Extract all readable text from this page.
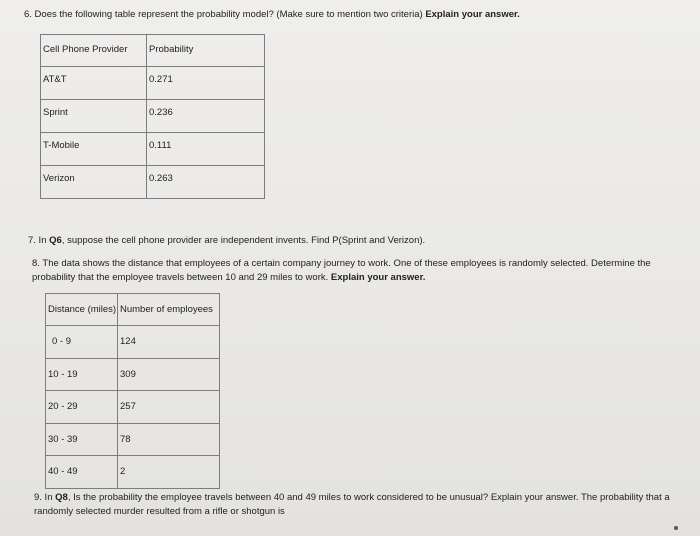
6. Does the following table represent the probability model? (Make sure to mention two criteria) Explain your answer.
Cell Phone Provider	Probability
AT&T	0.271
Sprint	0.236
T-Mobile	0.111
Verizon	0.263
7. In Q6, suppose the cell phone provider are independent invents. Find P(Sprint and Verizon).
8. The data shows the distance that employees of a certain company journey to work. One of these employees is randomly selected. Determine the probability that the employee travels between 10 and 29 miles to work. Explain your answer.
Distance (miles)	Number of employees
0 - 9	124
10 - 19	309
20 - 29	257
30 - 39	78
40 - 49	2
9. In Q8, Is the probability the employee travels between 40 and 49 miles to work considered to be unusual? Explain your answer. The probability that a randomly selected murder resulted from a rifle or shotgun is
